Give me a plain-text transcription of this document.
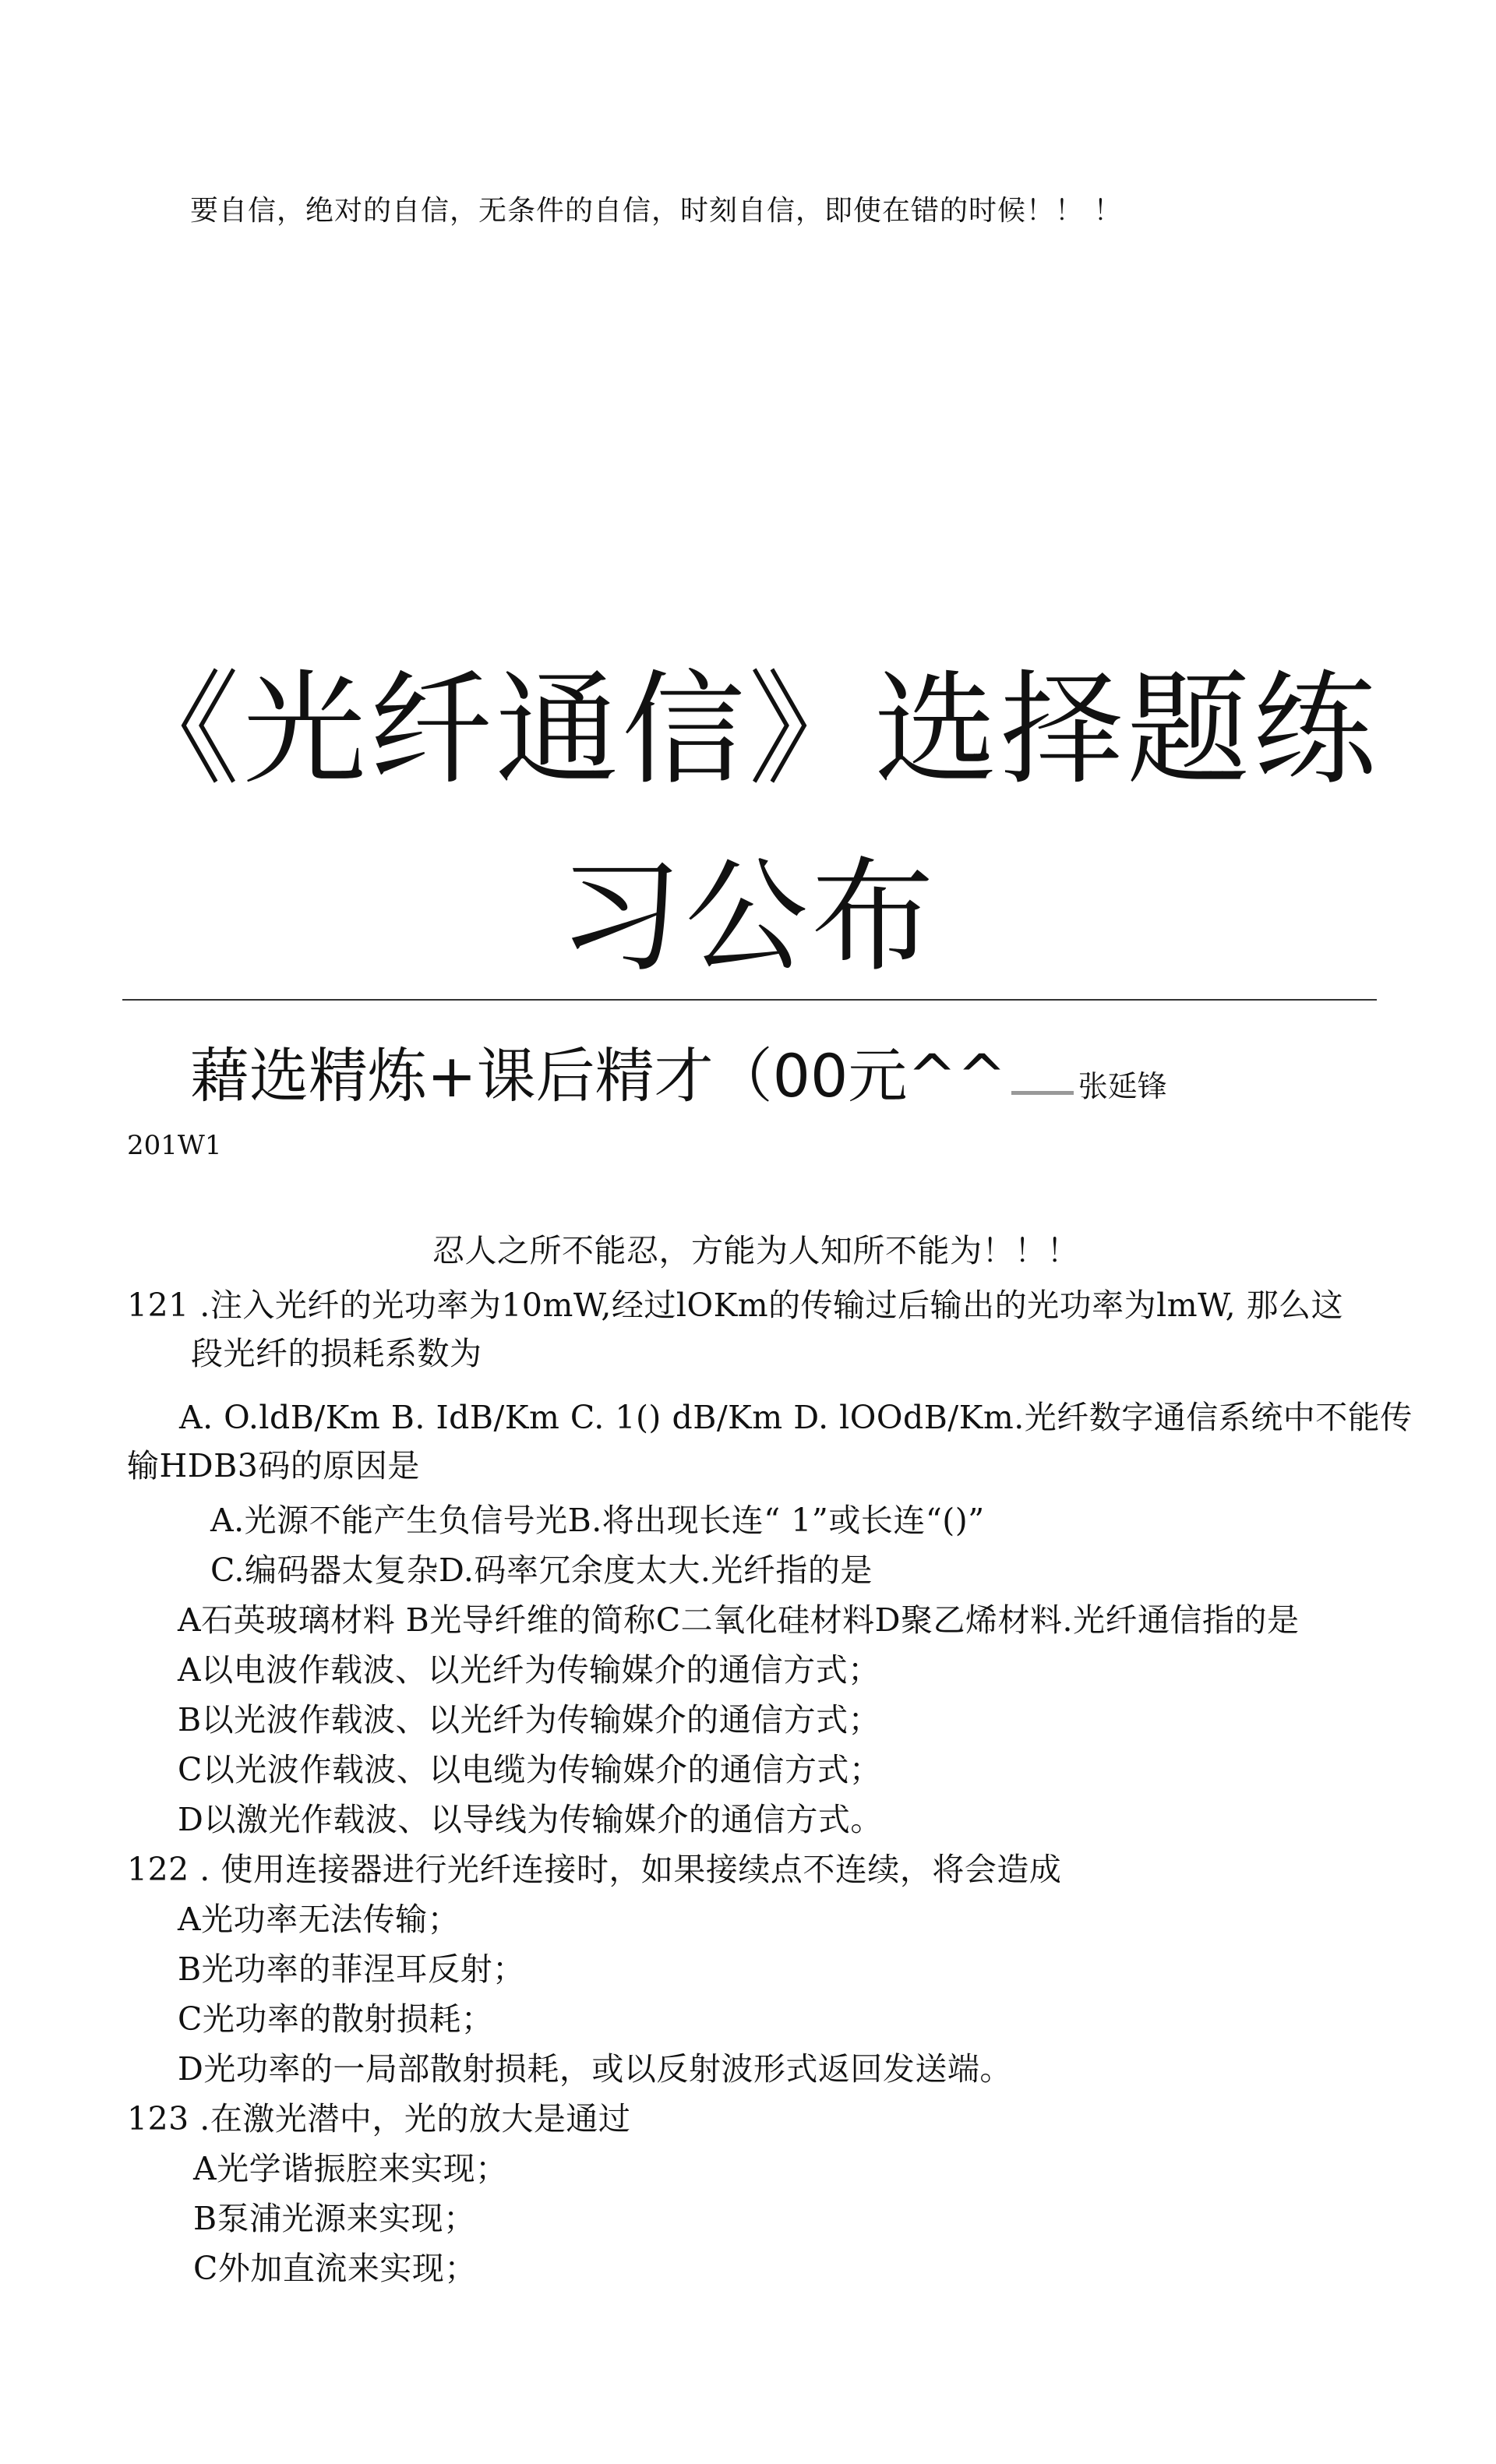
要自信，绝对的自信，无条件的自信，时刻自信，即使在错的时候！！ ！
《光纤通信》选择题练
习公布
藉选精炼+课后精才（00元^^ 张延锋
201W1
忍人之所不能忍，方能为人知所不能为！！！
121 .注入光纤的光功率为10mW,经过lOKm的传输过后输出的光功率为lmW, 那么这
段光纤的损耗系数为
A. O.ldB/Km B. IdB/Km C. 1() dB/Km D. lOOdB/Km.光纤数字通信系统中不能传
输HDB3码的原因是
A.光源不能产生负信号光B.将出现长连“ 1”或长连“()”
C.编码器太复杂D.码率冗余度太大.光纤指的是
A石英玻璃材料 B光导纤维的简称C二氧化硅材料D聚乙烯材料.光纤通信指的是
A以电波作载波、以光纤为传输媒介的通信方式；
B以光波作载波、以光纤为传输媒介的通信方式；
C以光波作载波、以电缆为传输媒介的通信方式；
D以激光作载波、以导线为传输媒介的通信方式。
122 . 使用连接器进行光纤连接时，如果接续点不连续，将会造成
A光功率无法传输；
B光功率的菲涅耳反射；
C光功率的散射损耗；
D光功率的一局部散射损耗，或以反射波形式返回发送端。
123 .在激光潜中，光的放大是通过
A光学谐振腔来实现；
B泵浦光源来实现；
C外加直流来实现；
